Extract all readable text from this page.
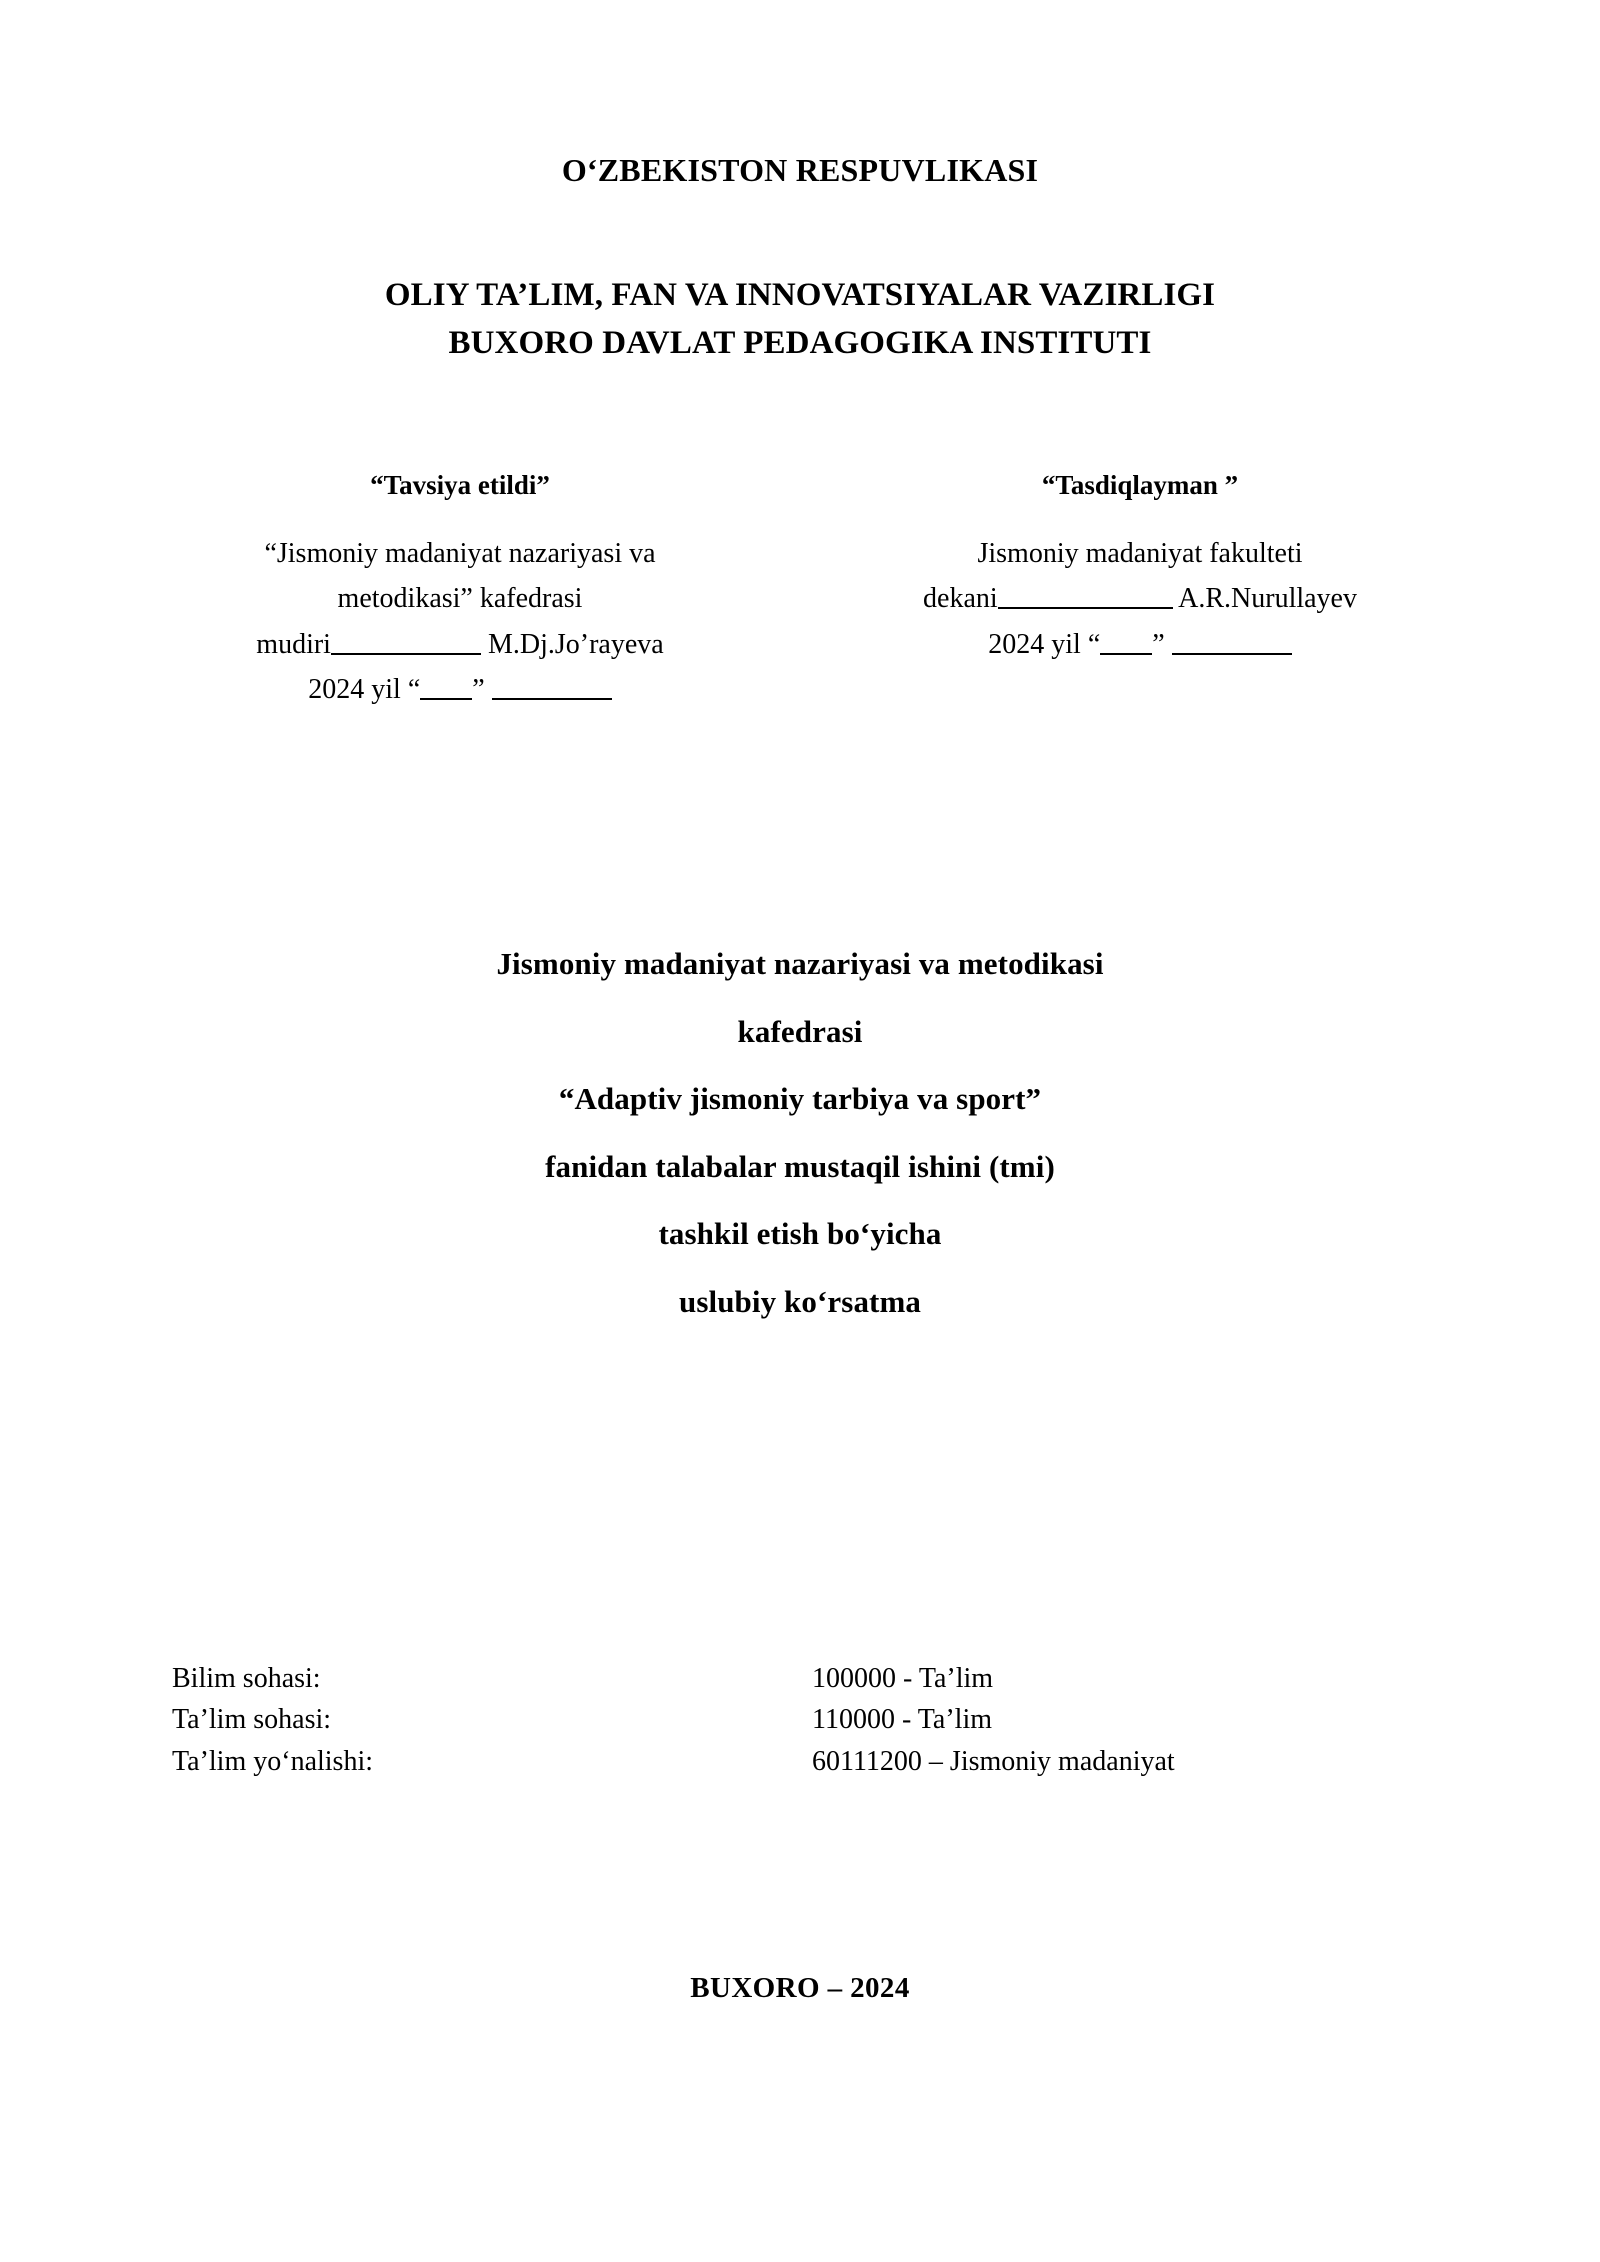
O‘ZBEKISTON RESPUVLIKASI
OLIY TA’LIM, FAN VA INNOVATSIYALAR VAZIRLIGI
BUXORO DAVLAT PEDAGOGIKA INSTITUTI
“Tavsiya etildi”
“Jismoniy madaniyat nazariyasi va
metodikasi” kafedrasi
mudiri	M.Dj.Jo’rayeva
2024 yil “ ”
“Tasdiqlayman ”
Jismoniy madaniyat fakulteti
dekani	A.R.Nurullayev
2024 yil “ ”
Jismoniy madaniyat nazariyasi va metodikasi
kafedrasi
“Adaptiv jismoniy tarbiya va sport”
fanidan talabalar mustaqil ishini (tmi)
tashkil etish bo‘yicha
uslubiy ko‘rsatma
Bilim sohasi:	100000 - Ta’lim
Ta’lim sohasi:	110000 - Ta’lim
Ta’lim yo‘nalishi:	60111200 – Jismoniy madaniyat
BUXORO – 2024
